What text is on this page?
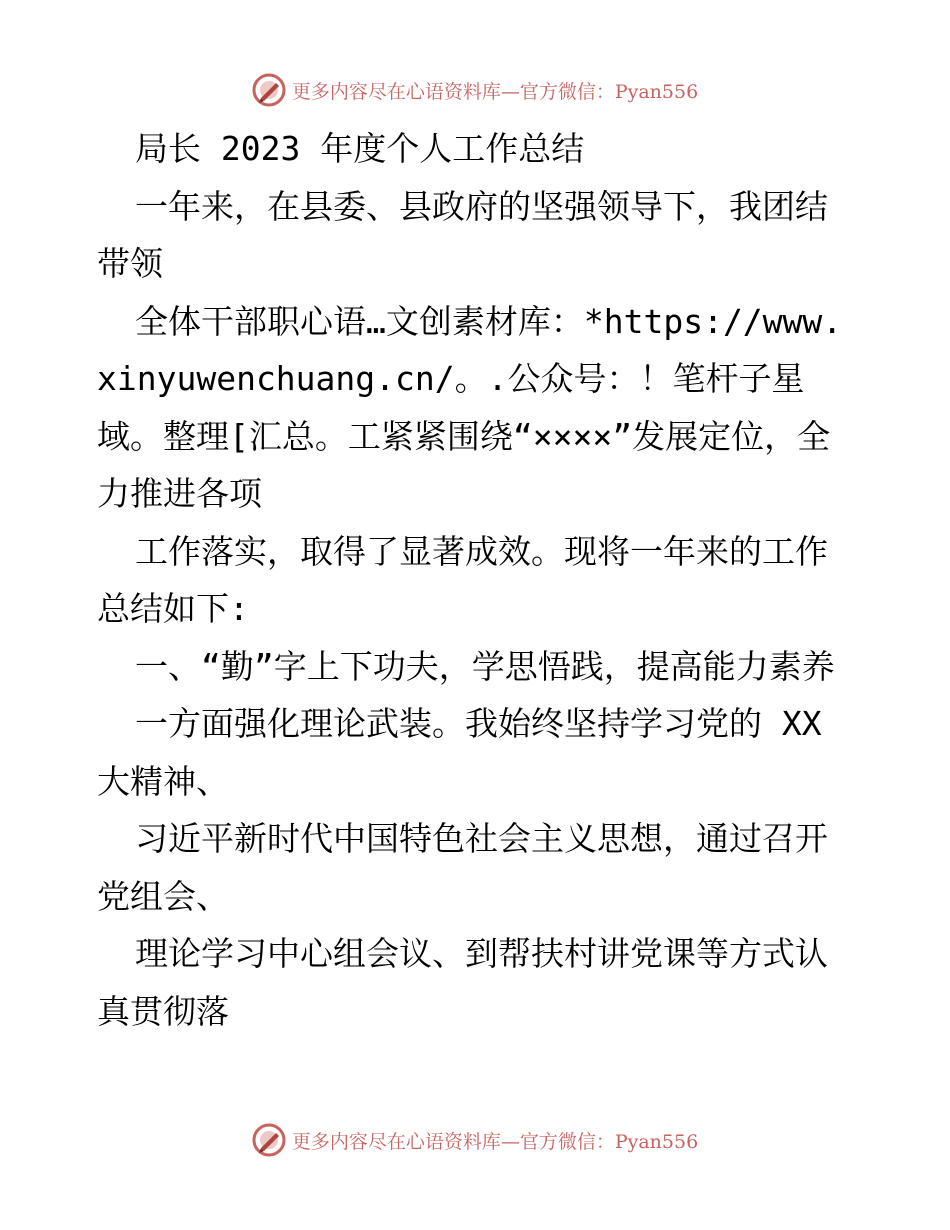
更多内容尽在心语资料库—官方微信：Pyan556

局长 2023 年度个人工作总结

一年来，在县委、县政府的坚强领导下，我团结带领

全体干部职心语…文创素材库：*https://www.xinyuwenchuang.cn/。.公众号：！笔杆子星域。整理[汇总。工紧紧围绕“××××”发展定位，全力推进各项

工作落实，取得了显著成效。现将一年来的工作总结如下:

一、“勤”字上下功夫，学思悟践，提高能力素养

一方面强化理论武装。我始终坚持学习党的 XX 大精神、

习近平新时代中国特色社会主义思想，通过召开党组会、

理论学习中心组会议、到帮扶村讲党课等方式认真贯彻落

更多内容尽在心语资料库—官方微信：Pyan556
